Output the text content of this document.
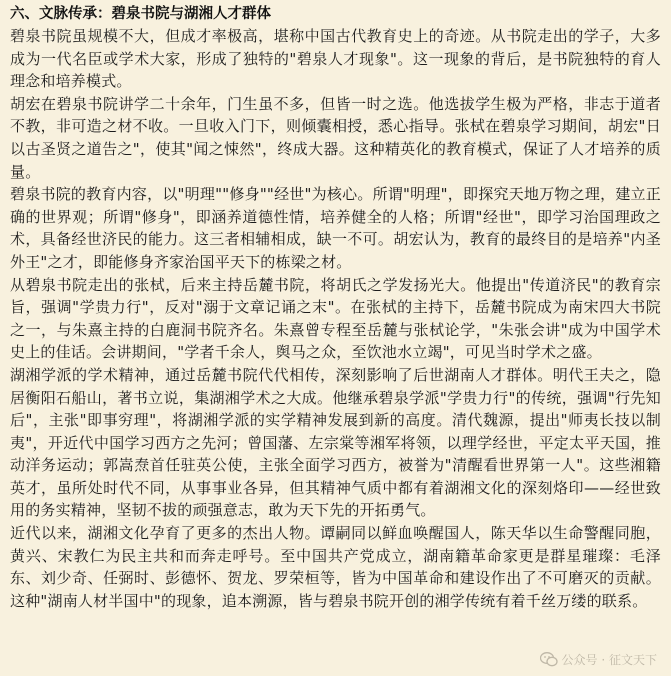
六、文脉传承：碧泉书院与湖湘人才群体

碧泉书院虽规模不大，但成才率极高，堪称中国古代教育史上的奇迹。从书院走出的学子，大多成为一代名臣或学术大家，形成了独特的"碧泉人才现象"。这一现象的背后，是书院独特的育人理念和培养模式。

胡宏在碧泉书院讲学二十余年，门生虽不多，但皆一时之选。他选拔学生极为严格，非志于道者不教，非可造之材不收。一旦收入门下，则倾囊相授，悉心指导。张栻在碧泉学习期间，胡宏"日以古圣贤之道告之"，使其"闻之悚然"，终成大器。这种精英化的教育模式，保证了人才培养的质量。

碧泉书院的教育内容，以"明理""修身""经世"为核心。所谓"明理"，即探究天地万物之理，建立正确的世界观；所谓"修身"，即涵养道德性情，培养健全的人格；所谓"经世"，即学习治国理政之术，具备经世济民的能力。这三者相辅相成，缺一不可。胡宏认为，教育的最终目的是培养"内圣外王"之才，即能修身齐家治国平天下的栋梁之材。

从碧泉书院走出的张栻，后来主持岳麓书院，将胡氏之学发扬光大。他提出"传道济民"的教育宗旨，强调"学贵力行"，反对"溺于文章记诵之末"。在张栻的主持下，岳麓书院成为南宋四大书院之一，与朱熹主持的白鹿洞书院齐名。朱熹曾专程至岳麓与张栻论学，"朱张会讲"成为中国学术史上的佳话。会讲期间，"学者千余人，舆马之众，至饮池水立竭"，可见当时学术之盛。

湖湘学派的学术精神，通过岳麓书院代代相传，深刻影响了后世湖南人才群体。明代王夫之，隐居衡阳石船山，著书立说，集湖湘学术之大成。他继承碧泉学派"学贵力行"的传统，强调"行先知后"，主张"即事穷理"，将湖湘学派的实学精神发展到新的高度。清代魏源，提出"师夷长技以制夷"，开近代中国学习西方之先河；曾国藩、左宗棠等湘军将领，以理学经世，平定太平天国，推动洋务运动；郭嵩焘首任驻英公使，主张全面学习西方，被誉为"清醒看世界第一人"。这些湘籍英才，虽所处时代不同，从事事业各异，但其精神气质中都有着湖湘文化的深刻烙印——经世致用的务实精神，坚韧不拔的顽强意志，敢为天下先的开拓勇气。

近代以来，湖湘文化孕育了更多的杰出人物。谭嗣同以鲜血唤醒国人，陈天华以生命警醒同胞，黄兴、宋教仁为民主共和而奔走呼号。至中国共产党成立，湖南籍革命家更是群星璀璨：毛泽东、刘少奇、任弼时、彭德怀、贺龙、罗荣桓等，皆为中国革命和建设作出了不可磨灭的贡献。这种"湖南人材半国中"的现象，追本溯源，皆与碧泉书院开创的湘学传统有着千丝万缕的联系。

公众号 · 征文天下
